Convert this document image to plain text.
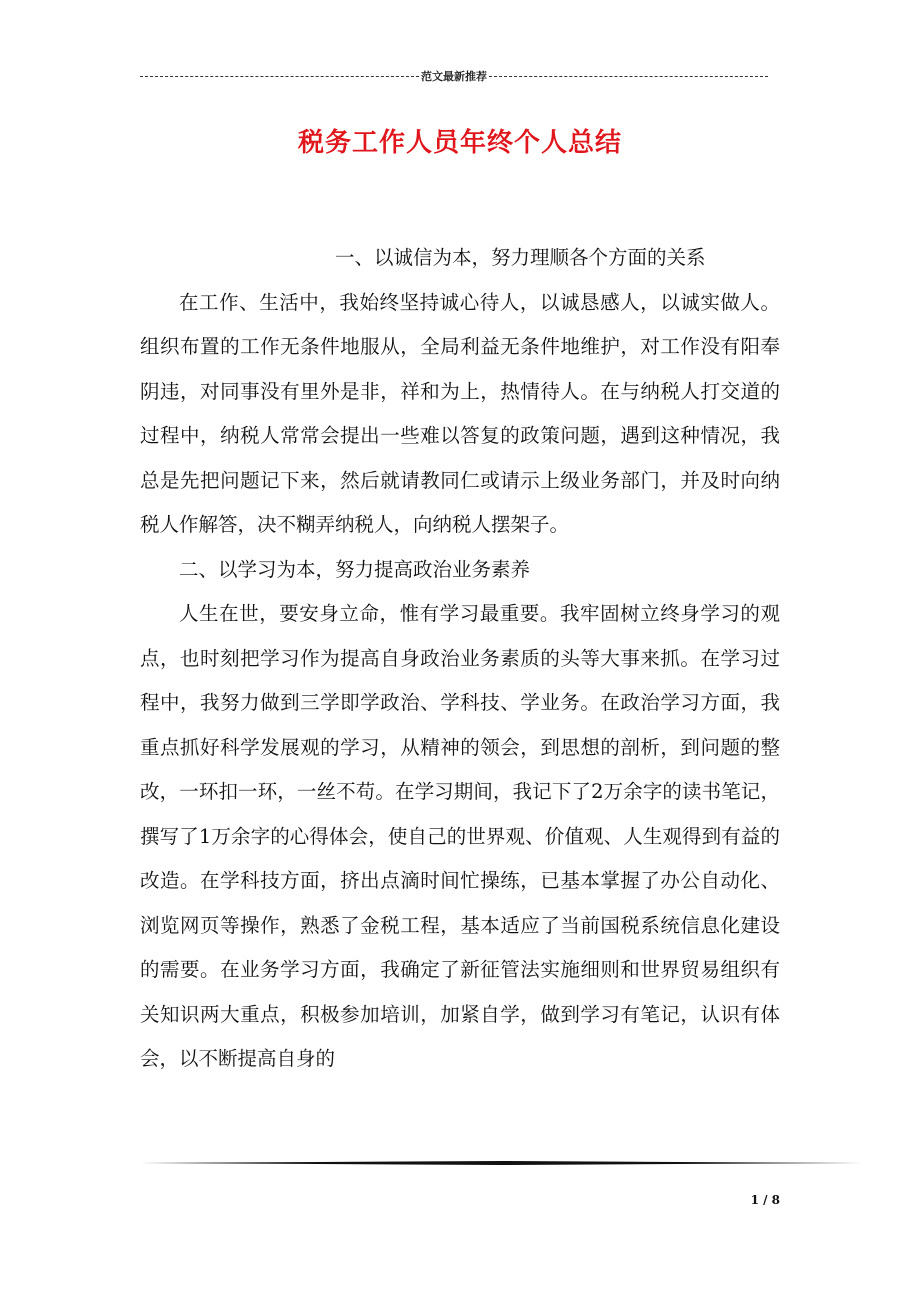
范文最新推荐
税务工作人员年终个人总结

一、以诚信为本，努力理顺各个方面的关系

在工作、生活中，我始终坚持诚心待人，以诚恳感人，以诚实做人。组织布置的工作无条件地服从，全局利益无条件地维护，对工作没有阳奉阴违，对同事没有里外是非，祥和为上，热情待人。在与纳税人打交道的过程中，纳税人常常会提出一些难以答复的政策问题，遇到这种情况，我总是先把问题记下来，然后就请教同仁或请示上级业务部门，并及时向纳税人作解答，决不糊弄纳税人，向纳税人摆架子。

二、以学习为本，努力提高政治业务素养

人生在世，要安身立命，惟有学习最重要。我牢固树立终身学习的观点，也时刻把学习作为提高自身政治业务素质的头等大事来抓。在学习过程中，我努力做到三学即学政治、学科技、学业务。在政治学习方面，我重点抓好科学发展观的学习，从精神的领会，到思想的剖析，到问题的整改，一环扣一环，一丝不苟。在学习期间，我记下了2万余字的读书笔记，撰写了1万余字的心得体会，使自己的世界观、价值观、人生观得到有益的改造。在学科技方面，挤出点滴时间忙操练，已基本掌握了办公自动化、浏览网页等操作，熟悉了金税工程，基本适应了当前国税系统信息化建设的需要。在业务学习方面，我确定了新征管法实施细则和世界贸易组织有关知识两大重点，积极参加培训，加紧自学，做到学习有笔记，认识有体会，以不断提高自身的

1 / 8
